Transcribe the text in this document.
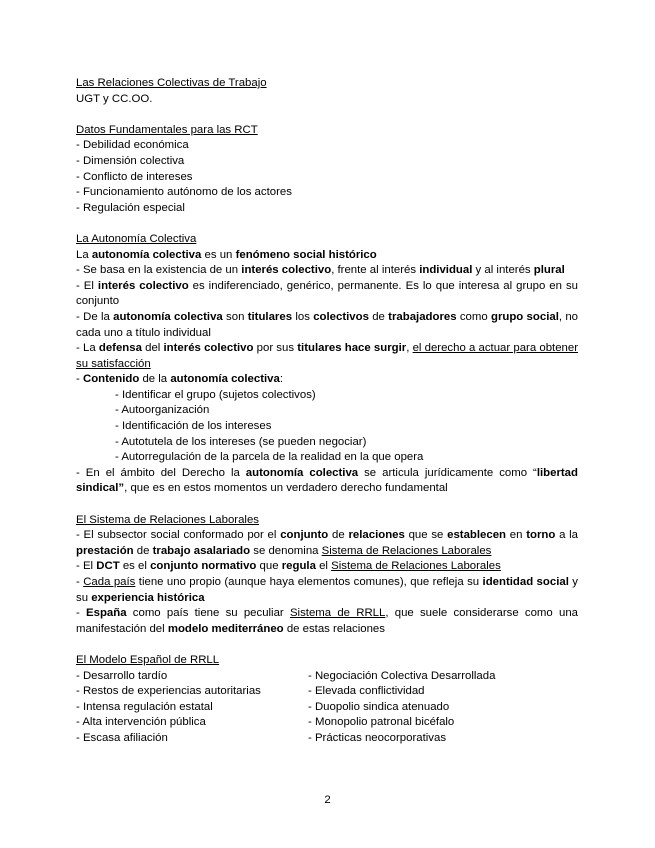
Las Relaciones Colectivas de Trabajo

UGT y CC.OO.

Datos Fundamentales para las RCT

- Debilidad económica

- Dimensión colectiva

- Conflicto de intereses

- Funcionamiento autónomo de los actores

- Regulación especial

La Autonomía Colectiva

La autonomía colectiva es un fenómeno social histórico

- Se basa en la existencia de un interés colectivo, frente al interés individual y al interés plural

- El interés colectivo es indiferenciado, genérico, permanente. Es lo que interesa al grupo en su conjunto

- De la autonomía colectiva son titulares los colectivos de trabajadores como grupo social, no cada uno a título individual

- La defensa del interés colectivo por sus titulares hace surgir, el derecho a actuar para obtener su satisfacción

- Contenido de la autonomía colectiva:

- Identificar el grupo (sujetos colectivos)

- Autoorganización

- Identificación de los intereses

- Autotutela de los intereses (se pueden negociar)

- Autorregulación de la parcela de la realidad en la que opera

- En el ámbito del Derecho la autonomía colectiva se articula jurídicamente como “libertad sindical”, que es en estos momentos un verdadero derecho fundamental

El Sistema de Relaciones Laborales

- El subsector social conformado por el conjunto de relaciones que se establecen en torno a la prestación de trabajo asalariado se denomina Sistema de Relaciones Laborales

- El DCT es el conjunto normativo que regula el Sistema de Relaciones Laborales

- Cada país tiene uno propio (aunque haya elementos comunes), que refleja su identidad social y su experiencia histórica

- España como país tiene su peculiar Sistema de RRLL, que suele considerarse como una manifestación del modelo mediterráneo de estas relaciones

El Modelo Español de RRLL

- Desarrollo tardío

- Restos de experiencias autoritarias

- Intensa regulación estatal

- Alta intervención pública

- Escasa afiliación

- Negociación Colectiva Desarrollada

- Elevada conflictividad

- Duopolio sindica atenuado

- Monopolio patronal bicéfalo

- Prácticas neocorporativas

2
